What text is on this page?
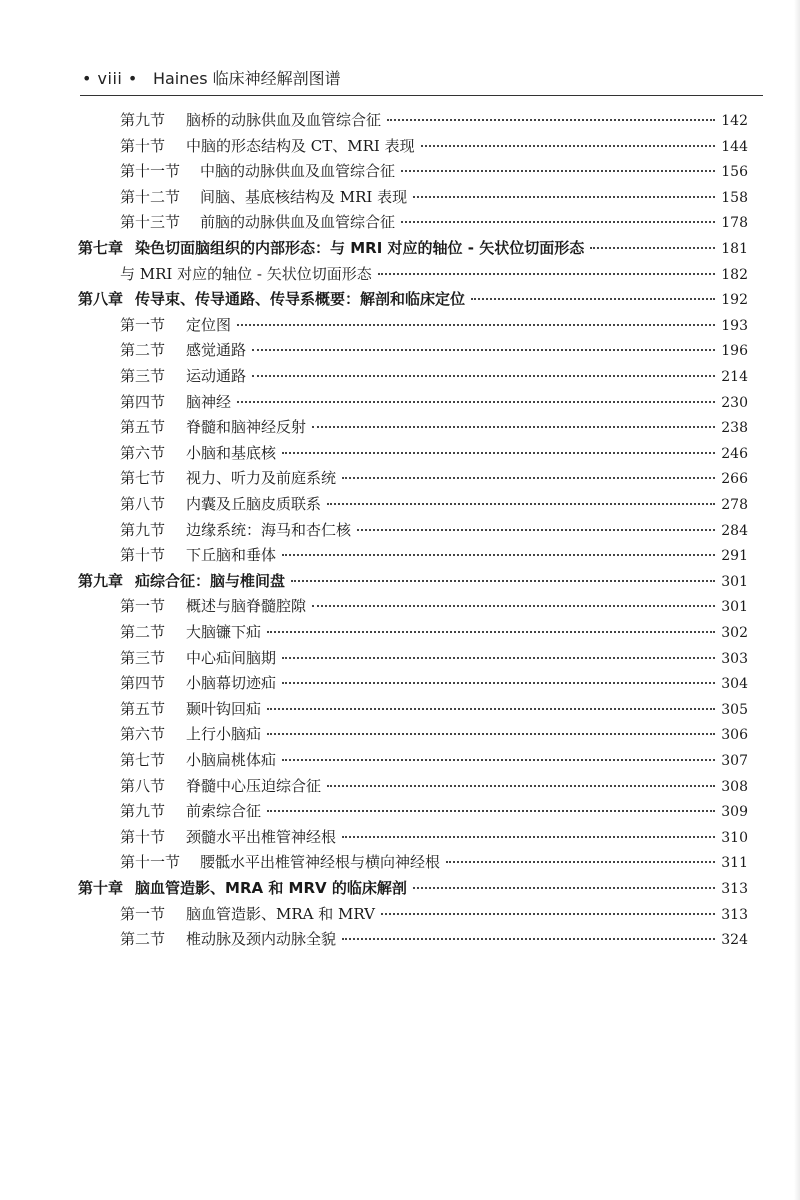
• viii • Haines 临床神经解剖图谱
第九节	脑桥的动脉供血及血管综合征	142
第十节	中脑的形态结构及 CT、MRI 表现	144
第十一节	中脑的动脉供血及血管综合征	156
第十二节	间脑、基底核结构及 MRI 表现	158
第十三节	前脑的动脉供血及血管综合征	178
第七章 染色切面脑组织的内部形态：与 MRI 对应的轴位 - 矢状位切面形态	181
与 MRI 对应的轴位 - 矢状位切面形态	182
第八章 传导束、传导通路、传导系概要：解剖和临床定位	192
第一节	定位图	193
第二节	感觉通路	196
第三节	运动通路	214
第四节	脑神经	230
第五节	脊髓和脑神经反射	238
第六节	小脑和基底核	246
第七节	视力、听力及前庭系统	266
第八节	内囊及丘脑皮质联系	278
第九节	边缘系统：海马和杏仁核	284
第十节	下丘脑和垂体	291
第九章 疝综合征：脑与椎间盘	301
第一节	概述与脑脊髓腔隙	301
第二节	大脑镰下疝	302
第三节	中心疝间脑期	303
第四节	小脑幕切迹疝	304
第五节	颞叶钩回疝	305
第六节	上行小脑疝	306
第七节	小脑扁桃体疝	307
第八节	脊髓中心压迫综合征	308
第九节	前索综合征	309
第十节	颈髓水平出椎管神经根	310
第十一节	腰骶水平出椎管神经根与横向神经根	311
第十章 脑血管造影、MRA 和 MRV 的临床解剖	313
第一节	脑血管造影、MRA 和 MRV	313
第二节	椎动脉及颈内动脉全貌	324
